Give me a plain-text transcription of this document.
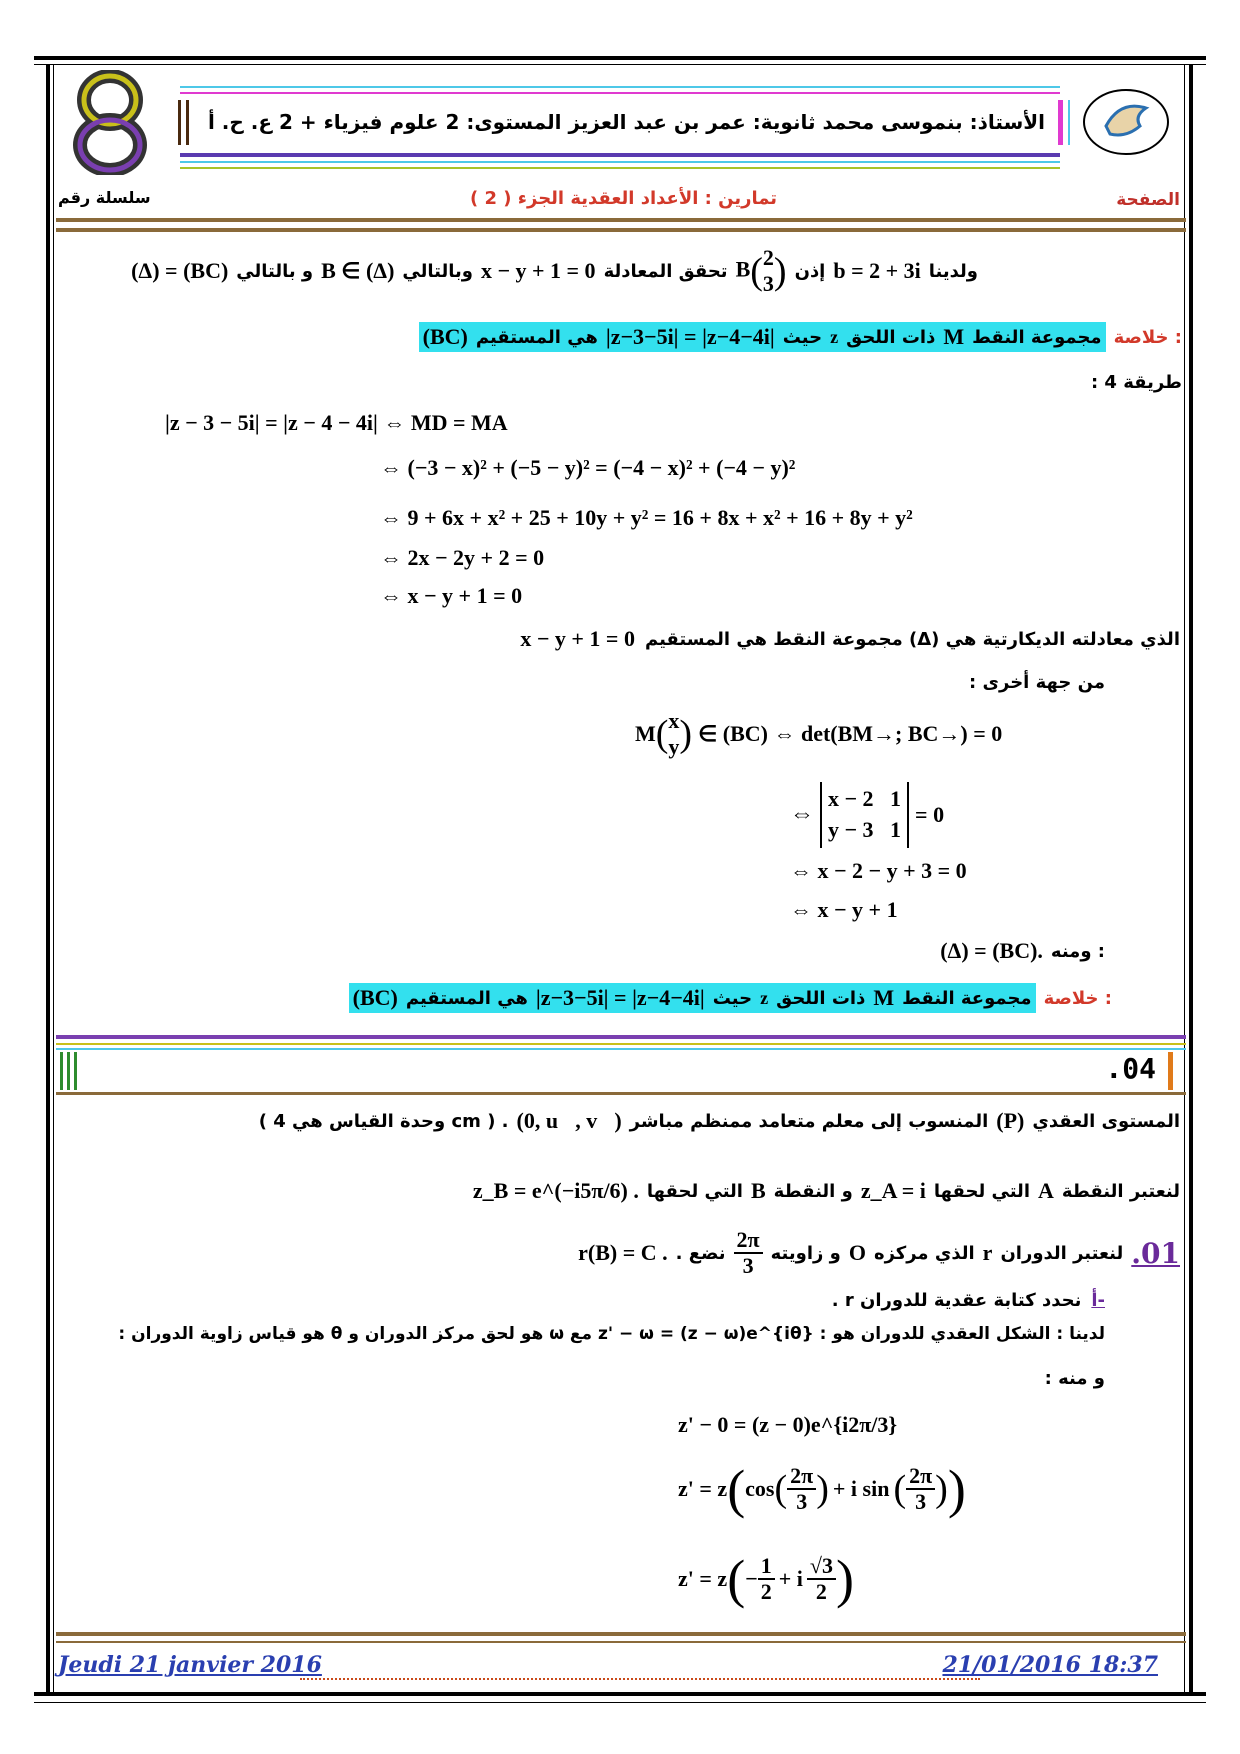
سلسلة رقم
الأستاذ: بنموسى محمد ثانوية: عمر بن عبد العزيز المستوى: 2 علوم فيزياء + 2 ع. ح. أ
الصفحة
تمارين : الأعداد العقدية الجزء ( 2 )
ولدينا
b = 2 + 3i
إذن
B(2
3)
تحقق المعادلة
x − y + 1 = 0
وبالتالي
B ∈ (Δ)
و بالتالي
(Δ) = (BC)
خلاصة :
مجموعة النقط
M
ذات اللحق
z
حيث
|z−3−5i| = |z−4−4i|
هي المستقيم
(BC)
طريقة 4 :
|z − 3 − 5i| = |z − 4 − 4i| ⇔ MD = MA
⇔ (−3 − x)² + (−5 − y)² = (−4 − x)² + (−4 − y)²
⇔ 9 + 6x + x² + 25 + 10y + y² = 16 + 8x + x² + 16 + 8y + y²
⇔ 2x − 2y + 2 = 0
⇔ x − y + 1 = 0
مجموعة النقط هي المستقيم (Δ) الذي معادلته الديكارتية هي
x − y + 1 = 0
من جهة أخرى :
M ( x
y ) ∈ (BC) ⇔ det(BM→; BC→) = 0
⇔
x − 2   1
y − 3   1
= 0
⇔ x − 2 − y + 3 = 0
⇔ x − y + 1
ومنه :
(Δ) = (BC).
خلاصة :
مجموعة النقط
M
ذات اللحق
z
حيث
|z−3−5i| = |z−4−4i|
هي المستقيم
(BC)
.04
المستوى العقدي
(P)
المنسوب إلى معلم متعامد ممنظم مباشر
(0, u⃗, v⃗)
( وحدة القياس هي 4 cm ) .
لنعتبر النقطة
A
التي لحقها
z_A = i
و النقطة
B
التي لحقها
z_B = e^(−i5π/6) .
.01
لنعتبر الدوران
r
الذي مركزه
O
و زاويته
$\frac{2\pi}{3}$
. نضع
r(B) = C .
أ-
نحدد كتابة عقدية للدوران r .
لدينا : الشكل العقدي للدوران هو : z' − ω = (z − ω)e^{iθ} مع ω هو لحق مركز الدوران و θ هو قياس زاوية الدوران :
و منه :
z' − 0 = (z − 0)e^{i2π/3}
z' = z ( cos ( $\frac{2\pi}{3}$ ) + i sin ( $\frac{2\pi}{3}$ ) )
z' = z ( − $\frac{1}{2} + i \frac{√3}{2}$ )
Jeudi 21 janvier 2016	21/01/2016 18:37
